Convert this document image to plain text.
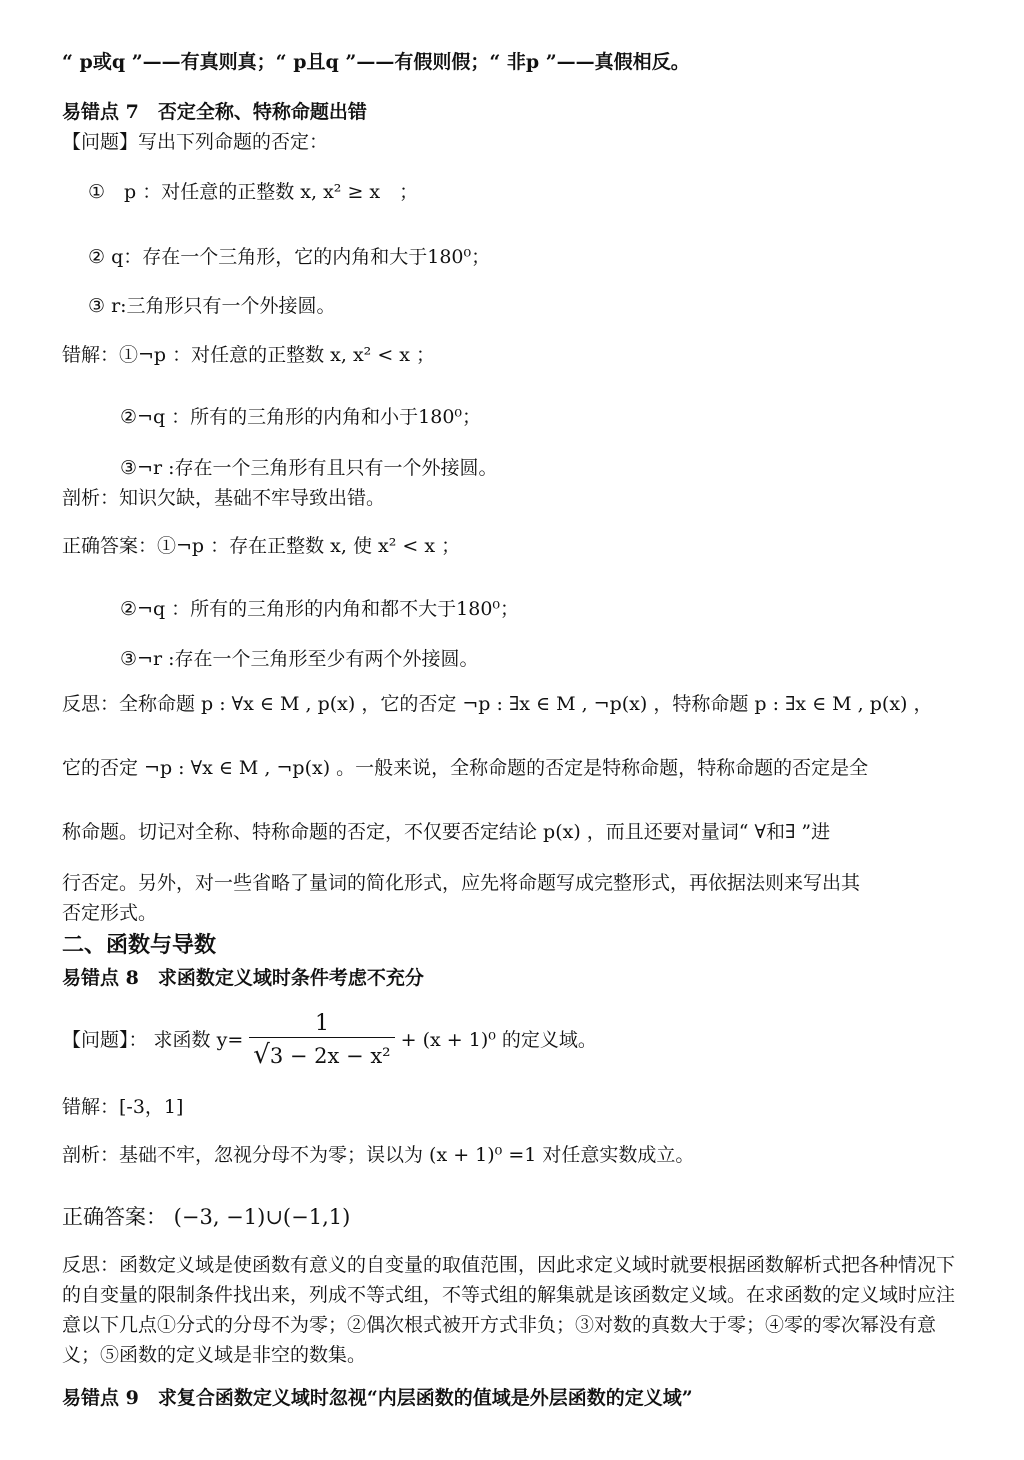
“ p或q ”——有真则真；“ p且q ”——有假则假；“ 非p ”——真假相反。
易错点 7　否定全称、特称命题出错
【问题】写出下列命题的否定：
①　p ：对任意的正整数 x, x² ≥ x　；
② q：存在一个三角形，它的内角和大于180⁰；
③ r:三角形只有一个外接圆。
错解：①¬p ：对任意的正整数 x, x² < x ；
②¬q ：所有的三角形的内角和小于180⁰；
③¬r :存在一个三角形有且只有一个外接圆。
剖析：知识欠缺，基础不牢导致出错。
正确答案：①¬p ：存在正整数 x, 使 x² < x ；
②¬q ：所有的三角形的内角和都不大于180⁰；
③¬r :存在一个三角形至少有两个外接圆。
反思：全称命题 p : ∀x ∈ M , p(x) ，它的否定 ¬p : ∃x ∈ M , ¬p(x) ，特称命题 p : ∃x ∈ M , p(x) ，
它的否定 ¬p : ∀x ∈ M , ¬p(x) 。一般来说，全称命题的否定是特称命题，特称命题的否定是全
称命题。切记对全称、特称命题的否定，不仅要否定结论 p(x) ，而且还要对量词“ ∀和∃ ”进
行否定。另外，对一些省略了量词的简化形式，应先将命题写成完整形式，再依据法则来写出其
否定形式。
二、函数与导数
易错点 8　求函数定义域时条件考虑不充分
【问题】： 求函数 $y= \frac{1}{\text{√3 − 2x − x²}} + (x + 1)^0$ 的定义域。
错解：[-3，1]
剖析：基础不牢，忽视分母不为零；误以为 (x + 1)⁰ =1 对任意实数成立。
正确答案： (−3, −1)∪(−1,1)
反思：函数定义域是使函数有意义的自变量的取值范围，因此求定义域时就要根据函数解析式把各种情况下的自变量的限制条件找出来，列成不等式组，不等式组的解集就是该函数定义域。在求函数的定义域时应注意以下几点①分式的分母不为零；②偶次根式被开方式非负；③对数的真数大于零；④零的零次幂没有意义；⑤函数的定义域是非空的数集。
易错点 9　求复合函数定义域时忽视“内层函数的值域是外层函数的定义域”
